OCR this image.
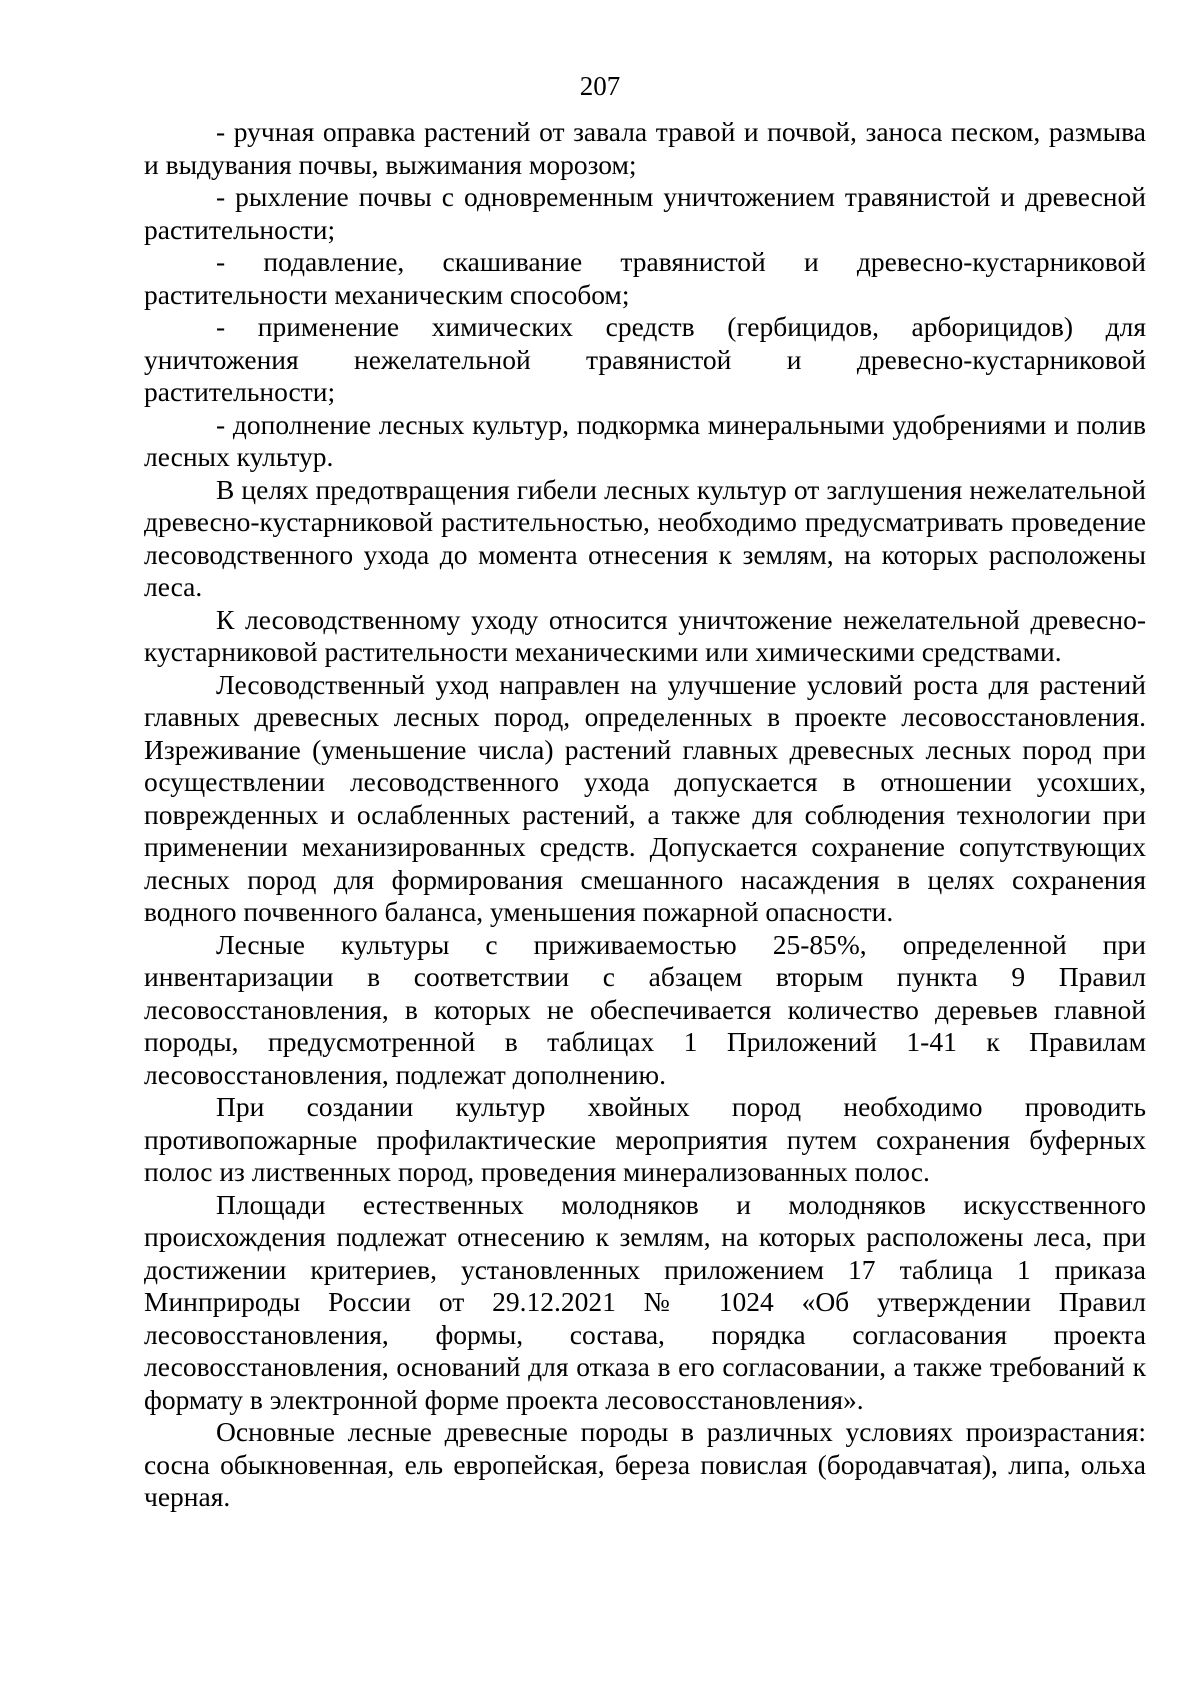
207

- ручная оправка растений от завала травой и почвой, заноса песком, размыва и выдувания почвы, выжимания морозом;

- рыхление почвы с одновременным уничтожением травянистой и древесной растительности;

- подавление, скашивание травянистой и древесно-кустарниковой растительности механическим способом;

- применение химических средств (гербицидов, арборицидов) для уничтожения нежелательной травянистой и древесно-кустарниковой растительности;

- дополнение лесных культур, подкормка минеральными удобрениями и полив лесных культур.

В целях предотвращения гибели лесных культур от заглушения нежелательной древесно-кустарниковой растительностью, необходимо предусматривать проведение лесоводственного ухода до момента отнесения к землям, на которых расположены леса.

К лесоводственному уходу относится уничтожение нежелательной древесно-кустарниковой растительности механическими или химическими средствами.

Лесоводственный уход направлен на улучшение условий роста для растений главных древесных лесных пород, определенных в проекте лесовосстановления. Изреживание (уменьшение числа) растений главных древесных лесных пород при осуществлении лесоводственного ухода допускается в отношении усохших, поврежденных и ослабленных растений, а также для соблюдения технологии при применении механизированных средств. Допускается сохранение сопутствующих лесных пород для формирования смешанного насаждения в целях сохранения водного почвенного баланса, уменьшения пожарной опасности.

Лесные культуры с приживаемостью 25-85%, определенной при инвентаризации в соответствии с абзацем вторым пункта 9 Правил лесовосстановления, в которых не обеспечивается количество деревьев главной породы, предусмотренной в таблицах 1 Приложений 1-41 к Правилам лесовосстановления, подлежат дополнению.

При создании культур хвойных пород необходимо проводить противопожарные профилактические мероприятия путем сохранения буферных полос из лиственных пород, проведения минерализованных полос.

Площади естественных молодняков и молодняков искусственного происхождения подлежат отнесению к землям, на которых расположены леса, при достижении критериев, установленных приложением 17 таблица 1 приказа Минприроды России от 29.12.2021 № 1024 «Об утверждении Правил лесовосстановления, формы, состава, порядка согласования проекта лесовосстановления, оснований для отказа в его согласовании, а также требований к формату в электронной форме проекта лесовосстановления».

Основные лесные древесные породы в различных условиях произрастания: сосна обыкновенная, ель европейская, береза повислая (бородавчатая), липа, ольха черная.
